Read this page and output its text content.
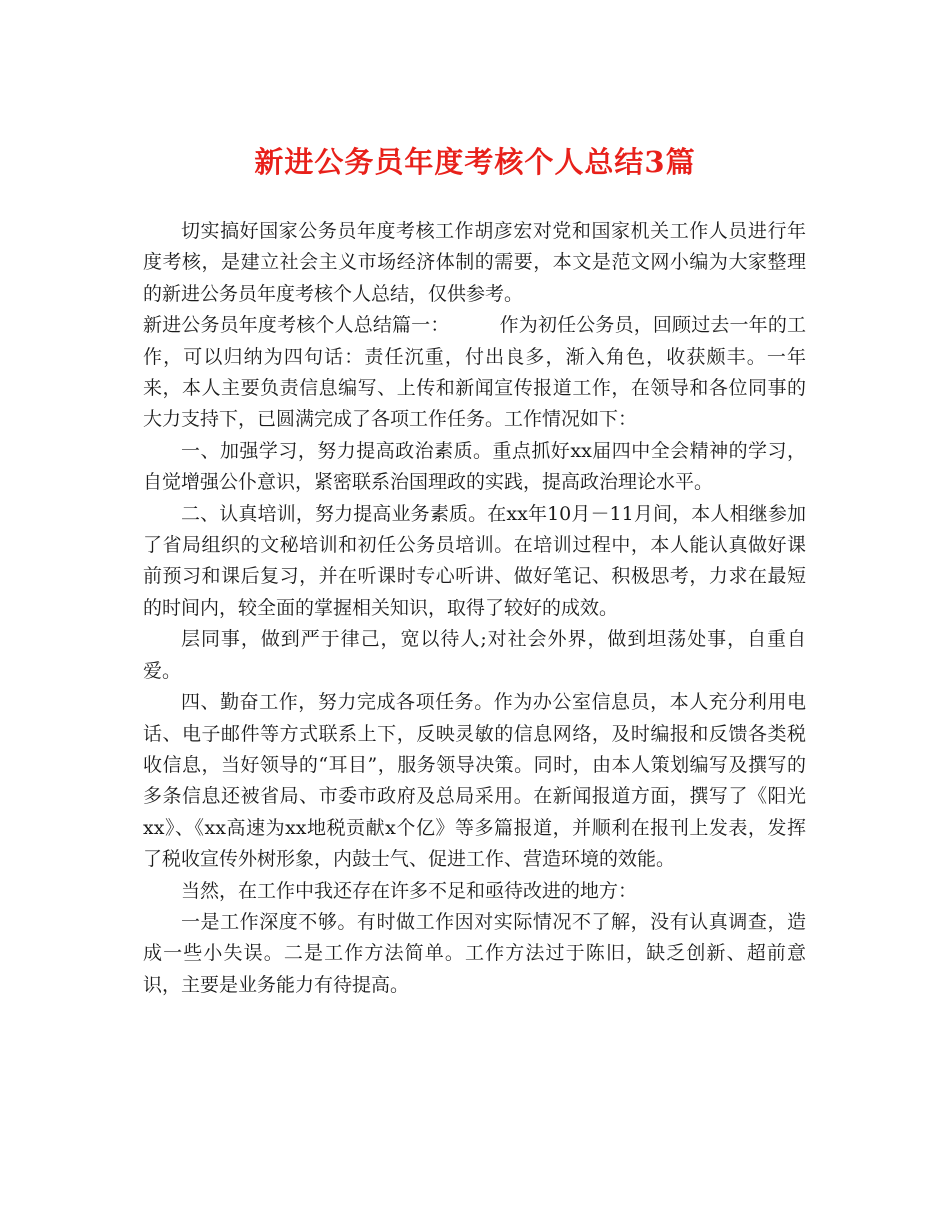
新进公务员年度考核个人总结3篇

切实搞好国家公务员年度考核工作胡彦宏对党和国家机关工作人员进行年度考核，是建立社会主义市场经济体制的需要，本文是范文网小编为大家整理的新进公务员年度考核个人总结，仅供参考。

新进公务员年度考核个人总结篇一：	作为初任公务员，回顾过去一年的工作，可以归纳为四句话：责任沉重，付出良多，渐入角色，收获颇丰。一年来，本人主要负责信息编写、上传和新闻宣传报道工作，在领导和各位同事的大力支持下，已圆满完成了各项工作任务。工作情况如下：

一、加强学习，努力提高政治素质。重点抓好xx届四中全会精神的学习，自觉增强公仆意识，紧密联系治国理政的实践，提高政治理论水平。

二、认真培训，努力提高业务素质。在xx年10月－11月间，本人相继参加了省局组织的文秘培训和初任公务员培训。在培训过程中，本人能认真做好课前预习和课后复习，并在听课时专心听讲、做好笔记、积极思考，力求在最短的时间内，较全面的掌握相关知识，取得了较好的成效。

层同事，做到严于律己，宽以待人;对社会外界，做到坦荡处事，自重自爱。

四、勤奋工作，努力完成各项任务。作为办公室信息员，本人充分利用电话、电子邮件等方式联系上下，反映灵敏的信息网络，及时编报和反馈各类税收信息，当好领导的“耳目”，服务领导决策。同时，由本人策划编写及撰写的多条信息还被省局、市委市政府及总局采用。在新闻报道方面，撰写了《阳光xx》、《xx高速为xx地税贡献x个亿》等多篇报道，并顺利在报刊上发表，发挥了税收宣传外树形象，内鼓士气、促进工作、营造环境的效能。

当然，在工作中我还存在许多不足和亟待改进的地方：

一是工作深度不够。有时做工作因对实际情况不了解，没有认真调查，造成一些小失误。二是工作方法简单。工作方法过于陈旧，缺乏创新、超前意识，主要是业务能力有待提高。
